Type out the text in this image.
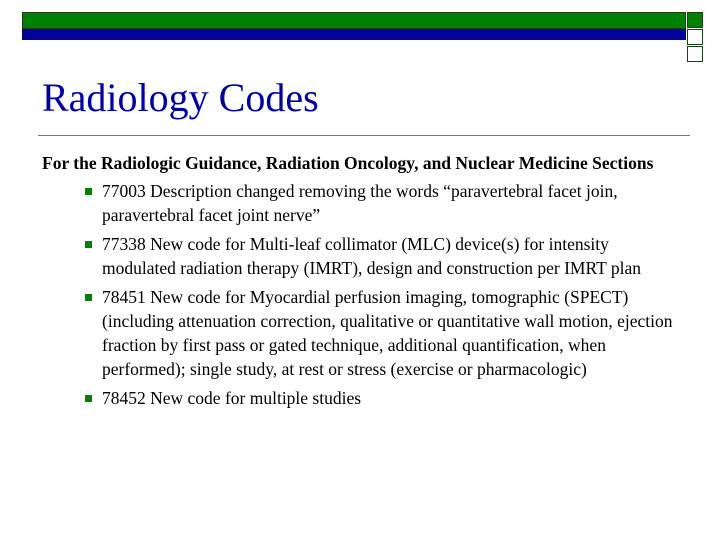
Radiology Codes

For the Radiologic Guidance, Radiation Oncology, and Nuclear Medicine Sections

77003 Description changed removing the words “paravertebral facet join, paravertebral facet joint nerve”
77338 New code for Multi-leaf collimator (MLC) device(s) for intensity modulated radiation therapy (IMRT), design and construction per IMRT plan
78451 New code for Myocardial perfusion imaging, tomographic (SPECT) (including attenuation correction, qualitative or quantitative wall motion, ejection fraction by first pass or gated technique, additional quantification, when performed); single study, at rest or stress (exercise or pharmacologic)
78452 New code for multiple studies
